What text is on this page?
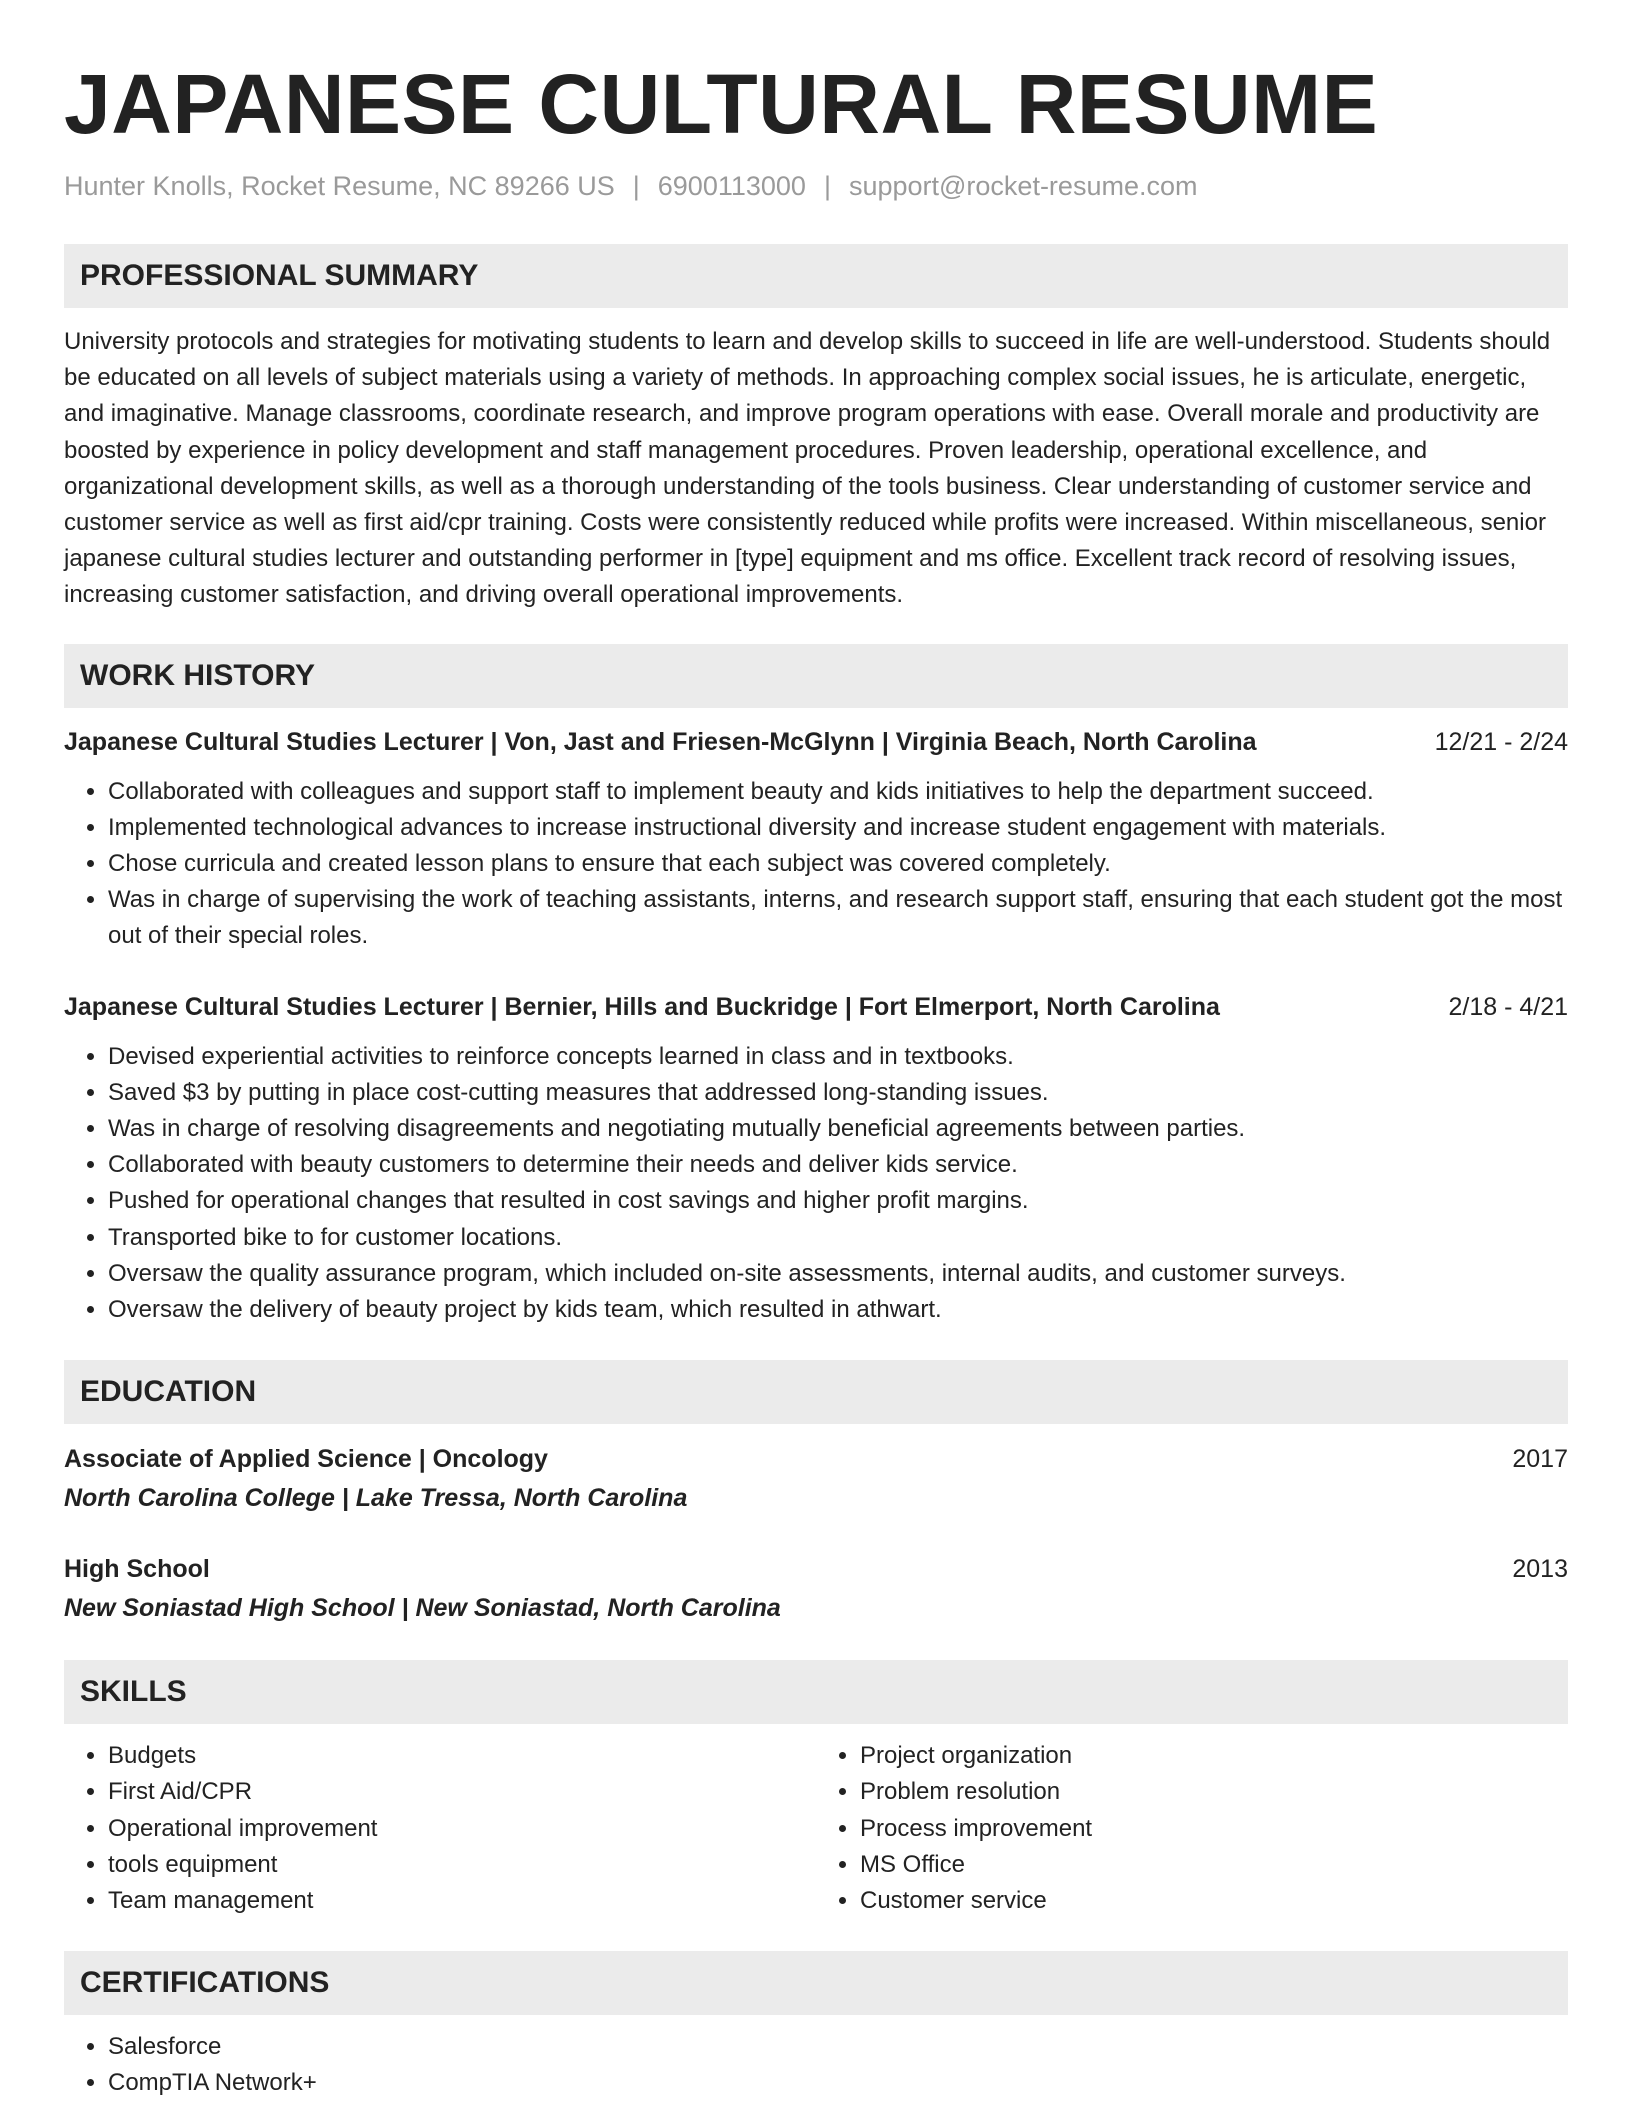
JAPANESE CULTURAL RESUME
Hunter Knolls, Rocket Resume, NC 89266 US | 6900113000 | support@rocket-resume.com
PROFESSIONAL SUMMARY

University protocols and strategies for motivating students to learn and develop skills to succeed in life are well-understood. Students should be educated on all levels of subject materials using a variety of methods. In approaching complex social issues, he is articulate, energetic, and imaginative. Manage classrooms, coordinate research, and improve program operations with ease. Overall morale and productivity are boosted by experience in policy development and staff management procedures. Proven leadership, operational excellence, and organizational development skills, as well as a thorough understanding of the tools business. Clear understanding of customer service and customer service as well as first aid/cpr training. Costs were consistently reduced while profits were increased. Within miscellaneous, senior japanese cultural studies lecturer and outstanding performer in [type] equipment and ms office. Excellent track record of resolving issues, increasing customer satisfaction, and driving overall operational improvements.

WORK HISTORY
Japanese Cultural Studies Lecturer | Von, Jast and Friesen-McGlynn | Virginia Beach, North Carolina	12/21 - 2/24
• Collaborated with colleagues and support staff to implement beauty and kids initiatives to help the department succeed.
• Implemented technological advances to increase instructional diversity and increase student engagement with materials.
• Chose curricula and created lesson plans to ensure that each subject was covered completely.
• Was in charge of supervising the work of teaching assistants, interns, and research support staff, ensuring that each student got the most out of their special roles.
Japanese Cultural Studies Lecturer | Bernier, Hills and Buckridge | Fort Elmerport, North Carolina	2/18 - 4/21
• Devised experiential activities to reinforce concepts learned in class and in textbooks.
• Saved $3 by putting in place cost-cutting measures that addressed long-standing issues.
• Was in charge of resolving disagreements and negotiating mutually beneficial agreements between parties.
• Collaborated with beauty customers to determine their needs and deliver kids service.
• Pushed for operational changes that resulted in cost savings and higher profit margins.
• Transported bike to for customer locations.
• Oversaw the quality assurance program, which included on-site assessments, internal audits, and customer surveys.
• Oversaw the delivery of beauty project by kids team, which resulted in athwart.
EDUCATION
Associate of Applied Science | Oncology	2017
North Carolina College | Lake Tressa, North Carolina
High School	2013
New Soniastad High School | New Soniastad, North Carolina
SKILLS
• Budgets
• First Aid/CPR
• Operational improvement
• tools equipment
• Team management
• Project organization
• Problem resolution
• Process improvement
• MS Office
• Customer service
CERTIFICATIONS
• Salesforce
• CompTIA Network+
